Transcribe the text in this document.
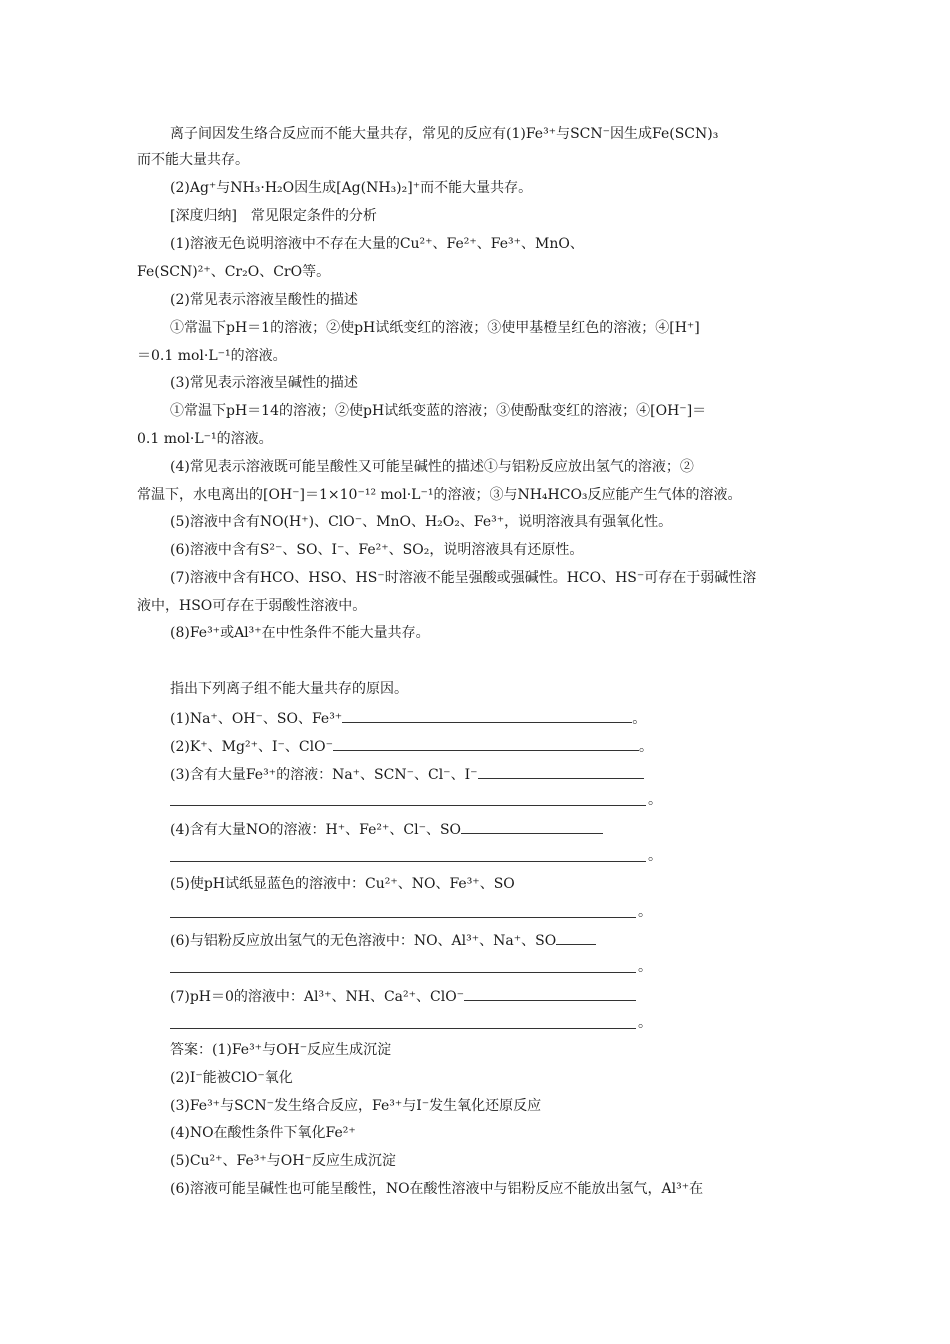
离子间因发生络合反应而不能大量共存，常见的反应有(1)Fe³⁺与SCN⁻因生成Fe(SCN)₃
而不能大量共存。
(2)Ag⁺与NH₃·H₂O因生成[Ag(NH₃)₂]⁺而不能大量共存。
[深度归纳]　常见限定条件的分析
(1)溶液无色说明溶液中不存在大量的Cu²⁺、Fe²⁺、Fe³⁺、MnO、
Fe(SCN)²⁺、Cr₂O、CrO等。
(2)常见表示溶液呈酸性的描述
①常温下pH＝1的溶液；②使pH试纸变红的溶液；③使甲基橙呈红色的溶液；④[H⁺]
＝0.1 mol·L⁻¹的溶液。
(3)常见表示溶液呈碱性的描述
①常温下pH＝14的溶液；②使pH试纸变蓝的溶液；③使酚酞变红的溶液；④[OH⁻]＝
0.1 mol·L⁻¹的溶液。
(4)常见表示溶液既可能呈酸性又可能呈碱性的描述①与铝粉反应放出氢气的溶液；②
常温下，水电离出的[OH⁻]＝1×10⁻¹² mol·L⁻¹的溶液；③与NH₄HCO₃反应能产生气体的溶液。
(5)溶液中含有NO(H⁺)、ClO⁻、MnO、H₂O₂、Fe³⁺，说明溶液具有强氧化性。
(6)溶液中含有S²⁻、SO、I⁻、Fe²⁺、SO₂，说明溶液具有还原性。
(7)溶液中含有HCO、HSO、HS⁻时溶液不能呈强酸或强碱性。HCO、HS⁻可存在于弱碱性溶
液中，HSO可存在于弱酸性溶液中。
(8)Fe³⁺或Al³⁺在中性条件不能大量共存。
指出下列离子组不能大量共存的原因。
(1)Na⁺、OH⁻、SO、Fe³⁺	。
(2)K⁺、Mg²⁺、I⁻、ClO⁻	。
(3)含有大量Fe³⁺的溶液：Na⁺、SCN⁻、Cl⁻、I⁻
。
(4)含有大量NO的溶液：H⁺、Fe²⁺、Cl⁻、SO
。
(5)使pH试纸显蓝色的溶液中：Cu²⁺、NO、Fe³⁺、SO
。
(6)与铝粉反应放出氢气的无色溶液中：NO、Al³⁺、Na⁺、SO
。
(7)pH＝0的溶液中：Al³⁺、NH、Ca²⁺、ClO⁻
。
答案：(1)Fe³⁺与OH⁻反应生成沉淀
(2)I⁻能被ClO⁻氧化
(3)Fe³⁺与SCN⁻发生络合反应，Fe³⁺与I⁻发生氧化还原反应
(4)NO在酸性条件下氧化Fe²⁺
(5)Cu²⁺、Fe³⁺与OH⁻反应生成沉淀
(6)溶液可能呈碱性也可能呈酸性，NO在酸性溶液中与铝粉反应不能放出氢气，Al³⁺在
